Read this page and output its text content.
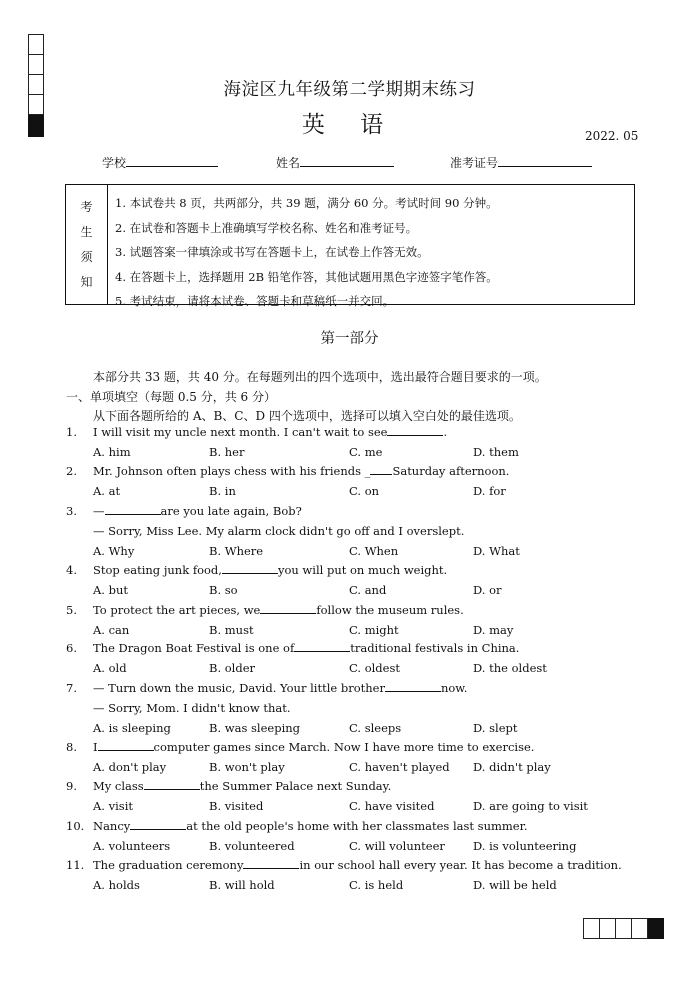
海淀区九年级第二学期期末练习
英 语	2022. 05
学校	姓名	准考证号
考
生
须
知
1. 本试卷共 8 页，共两部分，共 39 题，满分 60 分。考试时间 90 分钟。
2. 在试卷和答题卡上准确填写学校名称、姓名和准考证号。
3. 试题答案一律填涂或书写在答题卡上，在试卷上作答无效。
4. 在答题卡上，选择题用 2B 铅笔作答，其他试题用黑色字迹签字笔作答。
5. 考试结束，请将本试卷、答题卡和草稿纸一并交回。
第一部分
本部分共 33 题，共 40 分。在每题列出的四个选项中，选出最符合题目要求的一项。
一、单项填空（每题 0.5 分，共 6 分）
从下面各题所给的 A、B、C、D 四个选项中，选择可以填入空白处的最佳选项。
1.	I will visit my uncle next month. I can't wait to see	.
A. him	B. her	C. me	D. them
2.	Mr. Johnson often plays chess with his friends _ Saturday afternoon.
A. at	B. in	C. on	D. for
3.	—	are you late again, Bob?
— Sorry, Miss Lee. My alarm clock didn't go off and I overslept.
A. Why	B. Where	C. When	D. What
4.	Stop eating junk food,	you will put on much weight.
A. but	B. so	C. and	D. or
5.	To protect the art pieces, we	follow the museum rules.
A. can	B. must	C. might	D. may
6.	The Dragon Boat Festival is one of	traditional festivals in China.
A. old	B. older	C. oldest	D. the oldest
7.	— Turn down the music, David. Your little brother	now.
— Sorry, Mom. I didn't know that.
A. is sleeping	B. was sleeping	C. sleeps	D. slept
8.	I	computer games since March. Now I have more time to exercise.
A. don't play	B. won't play	C. haven't played D. didn't play
9.	My class	the Summer Palace next Sunday.
A. visit	B. visited	C. have visited	D. are going to visit
10. Nancy	at the old people's home with her classmates last summer.
A. volunteers	B. volunteered	C. will volunteer D. is volunteering
11. The graduation ceremony	in our school hall every year. It has become a tradition.
A. holds	B. will hold	C. is held	D. will be held
